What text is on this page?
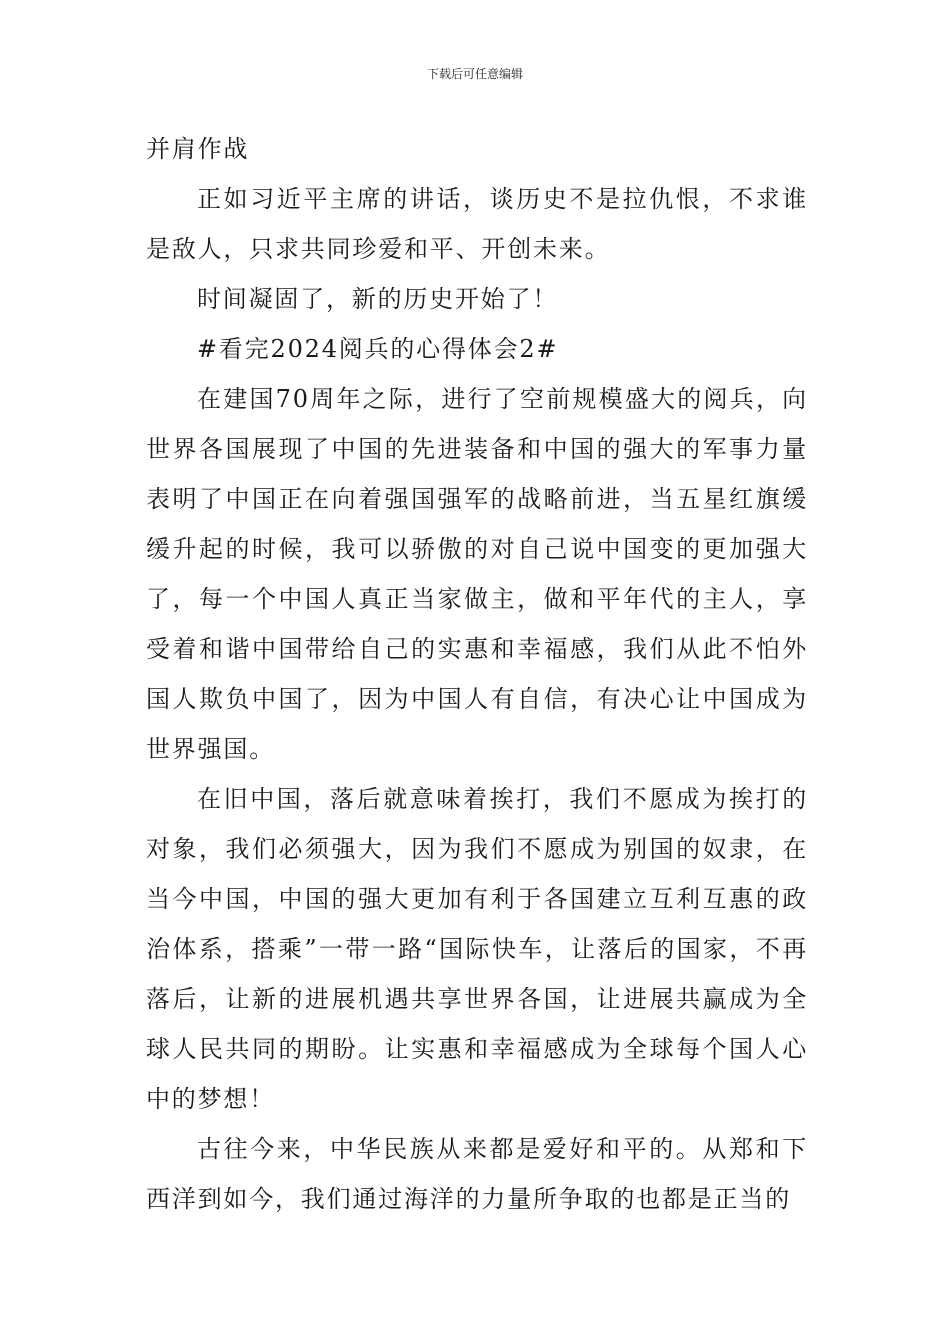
下载后可任意编辑

并肩作战

正如习近平主席的讲话，谈历史不是拉仇恨，不求谁是敌人，只求共同珍爱和平、开创未来。

时间凝固了，新的历史开始了！

#看完2024阅兵的心得体会2#

在建国70周年之际，进行了空前规模盛大的阅兵，向世界各国展现了中国的先进装备和中国的强大的军事力量表明了中国正在向着强国强军的战略前进，当五星红旗缓缓升起的时候，我可以骄傲的对自己说中国变的更加强大了，每一个中国人真正当家做主，做和平年代的主人，享受着和谐中国带给自己的实惠和幸福感，我们从此不怕外国人欺负中国了，因为中国人有自信，有决心让中国成为世界强国。

在旧中国，落后就意味着挨打，我们不愿成为挨打的对象，我们必须强大，因为我们不愿成为别国的奴隶，在当今中国，中国的强大更加有利于各国建立互利互惠的政治体系，搭乘”一带一路“国际快车，让落后的国家，不再落后，让新的进展机遇共享世界各国，让进展共赢成为全球人民共同的期盼。让实惠和幸福感成为全球每个国人心中的梦想！

古往今来，中华民族从来都是爱好和平的。从郑和下西洋到如今，我们通过海洋的力量所争取的也都是正当的
